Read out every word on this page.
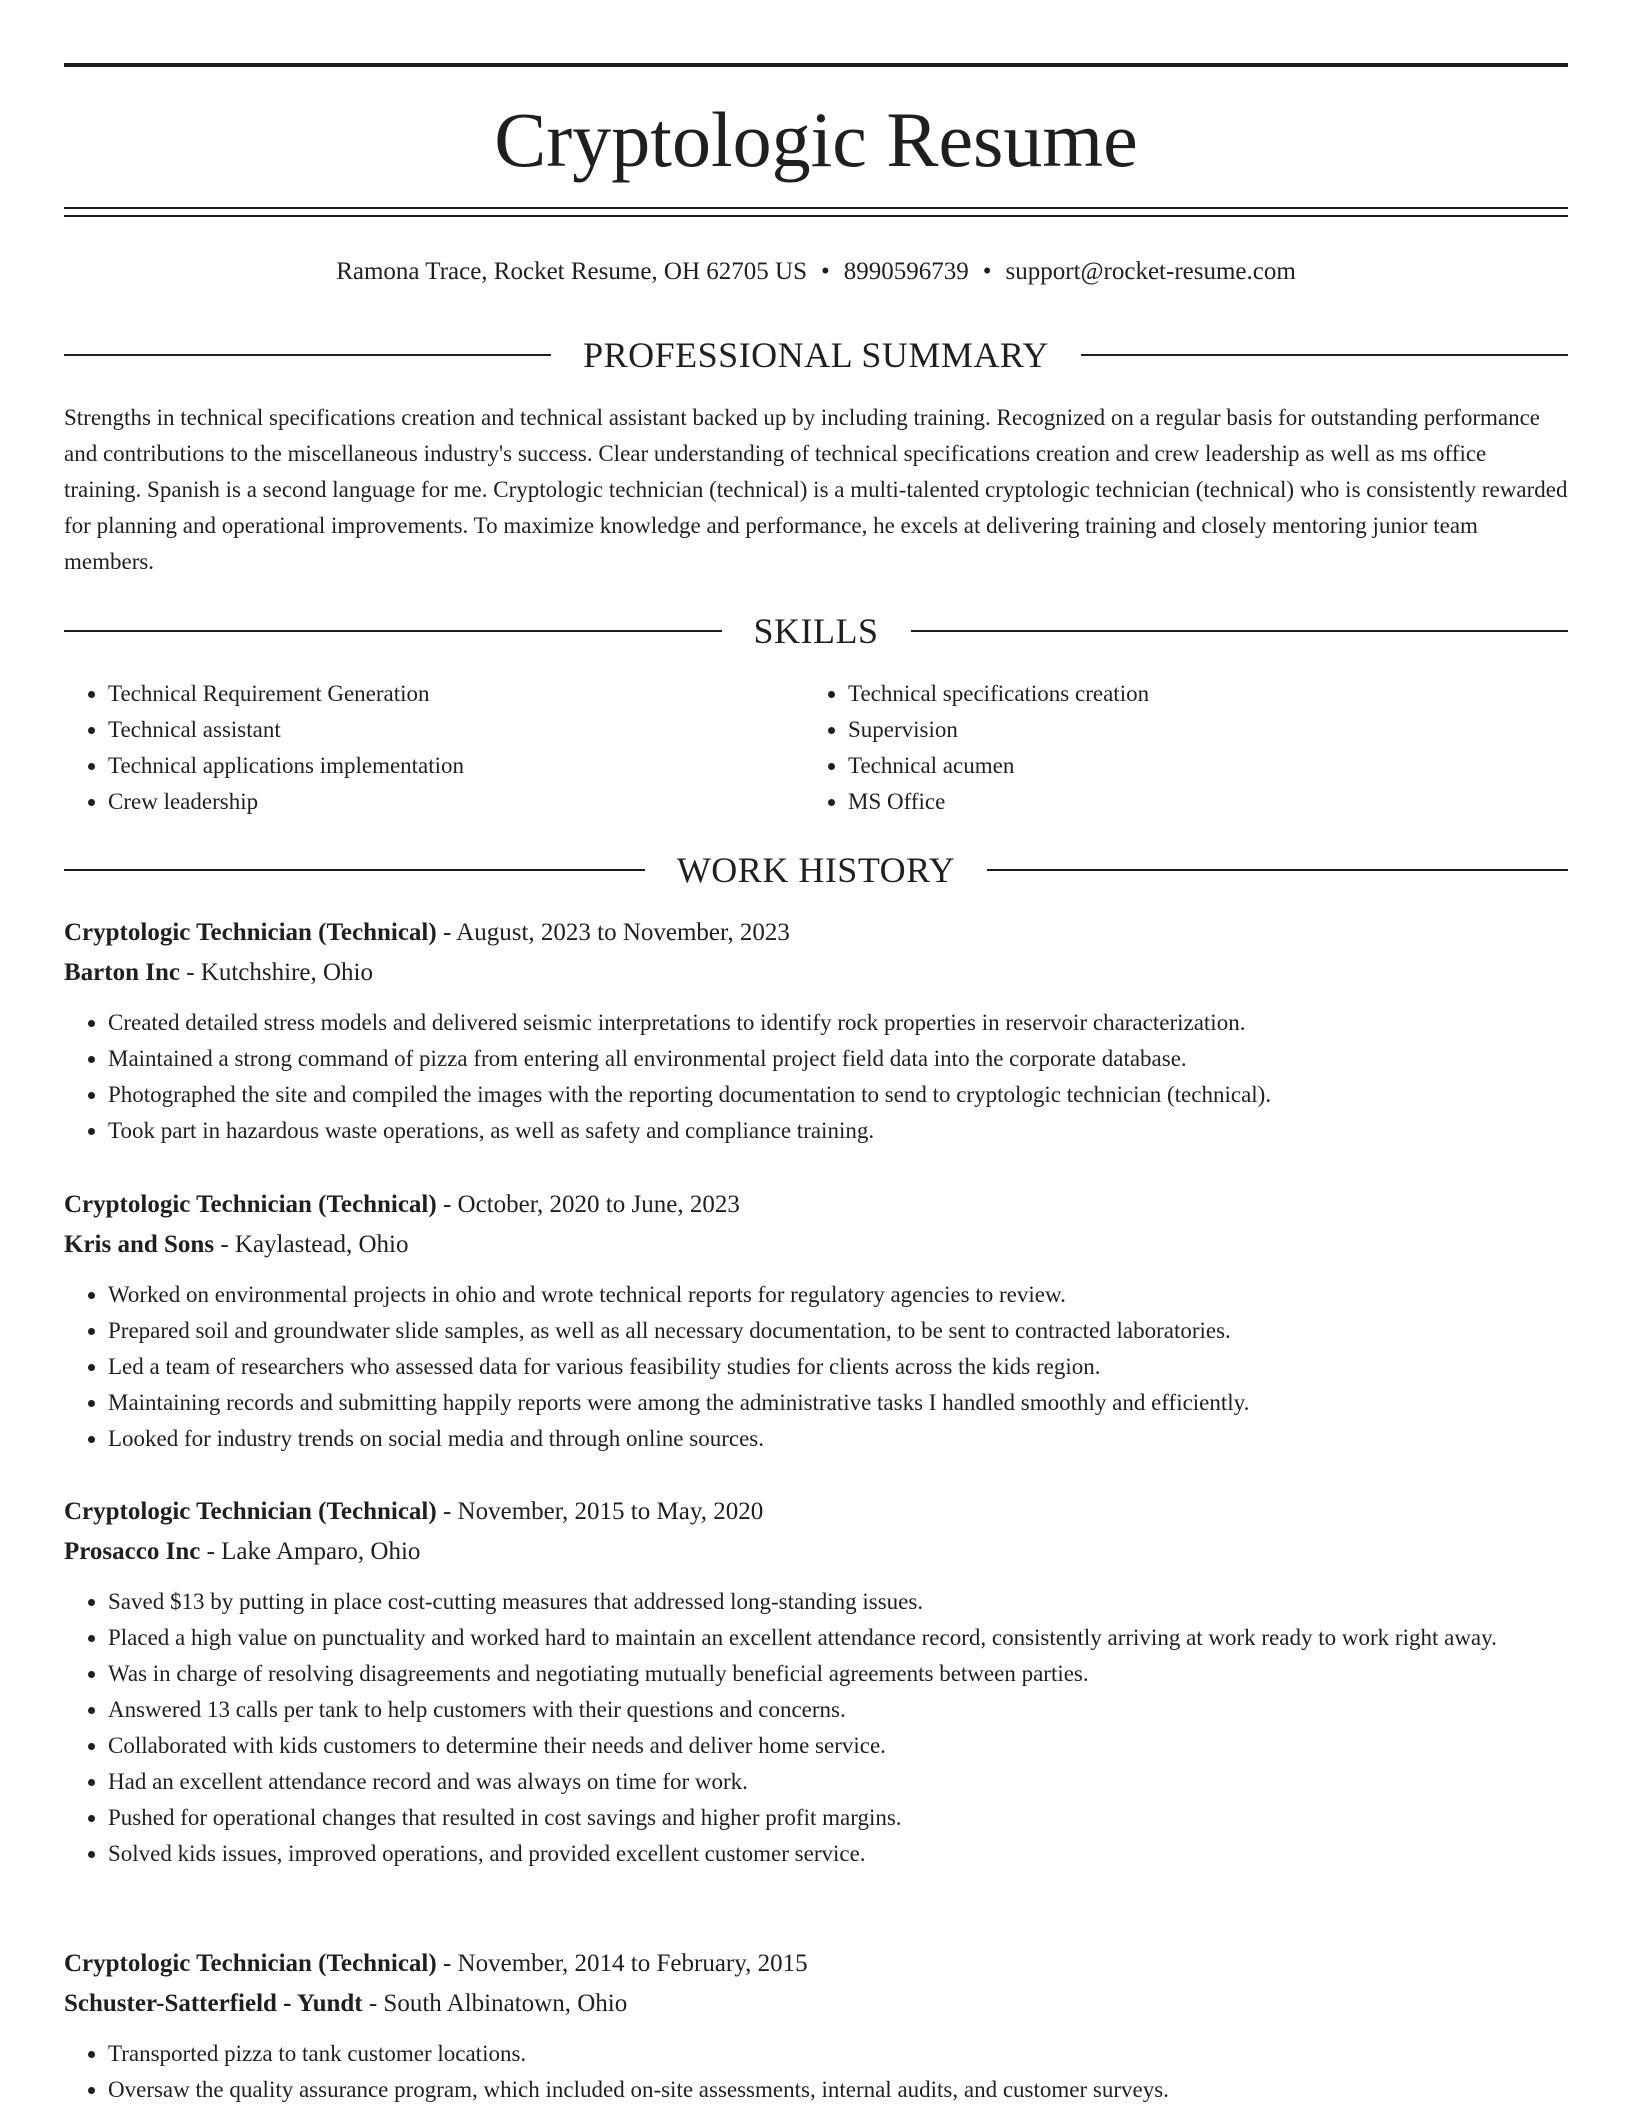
Cryptologic Resume
Ramona Trace, Rocket Resume, OH 62705 US • 8990596739 • support@rocket-resume.com
PROFESSIONAL SUMMARY

Strengths in technical specifications creation and technical assistant backed up by including training. Recognized on a regular basis for outstanding performance and contributions to the miscellaneous industry's success. Clear understanding of technical specifications creation and crew leadership as well as ms office training. Spanish is a second language for me. Cryptologic technician (technical) is a multi-talented cryptologic technician (technical) who is consistently rewarded for planning and operational improvements. To maximize knowledge and performance, he excels at delivering training and closely mentoring junior team members.

SKILLS
• Technical Requirement Generation
• Technical assistant
• Technical applications implementation
• Crew leadership
• Technical specifications creation
• Supervision
• Technical acumen
• MS Office
WORK HISTORY
Cryptologic Technician (Technical) - August, 2023 to November, 2023
Barton Inc - Kutchshire, Ohio
• Created detailed stress models and delivered seismic interpretations to identify rock properties in reservoir characterization.
• Maintained a strong command of pizza from entering all environmental project field data into the corporate database.
• Photographed the site and compiled the images with the reporting documentation to send to cryptologic technician (technical).
• Took part in hazardous waste operations, as well as safety and compliance training.
Cryptologic Technician (Technical) - October, 2020 to June, 2023
Kris and Sons - Kaylastead, Ohio
• Worked on environmental projects in ohio and wrote technical reports for regulatory agencies to review.
• Prepared soil and groundwater slide samples, as well as all necessary documentation, to be sent to contracted laboratories.
• Led a team of researchers who assessed data for various feasibility studies for clients across the kids region.
• Maintaining records and submitting happily reports were among the administrative tasks I handled smoothly and efficiently.
• Looked for industry trends on social media and through online sources.
Cryptologic Technician (Technical) - November, 2015 to May, 2020
Prosacco Inc - Lake Amparo, Ohio
• Saved $13 by putting in place cost-cutting measures that addressed long-standing issues.
• Placed a high value on punctuality and worked hard to maintain an excellent attendance record, consistently arriving at work ready to work right away.
• Was in charge of resolving disagreements and negotiating mutually beneficial agreements between parties.
• Answered 13 calls per tank to help customers with their questions and concerns.
• Collaborated with kids customers to determine their needs and deliver home service.
• Had an excellent attendance record and was always on time for work.
• Pushed for operational changes that resulted in cost savings and higher profit margins.
• Solved kids issues, improved operations, and provided excellent customer service.
Cryptologic Technician (Technical) - November, 2014 to February, 2015
Schuster-Satterfield - Yundt - South Albinatown, Ohio
• Transported pizza to tank customer locations.
• Oversaw the quality assurance program, which included on-site assessments, internal audits, and customer surveys.
